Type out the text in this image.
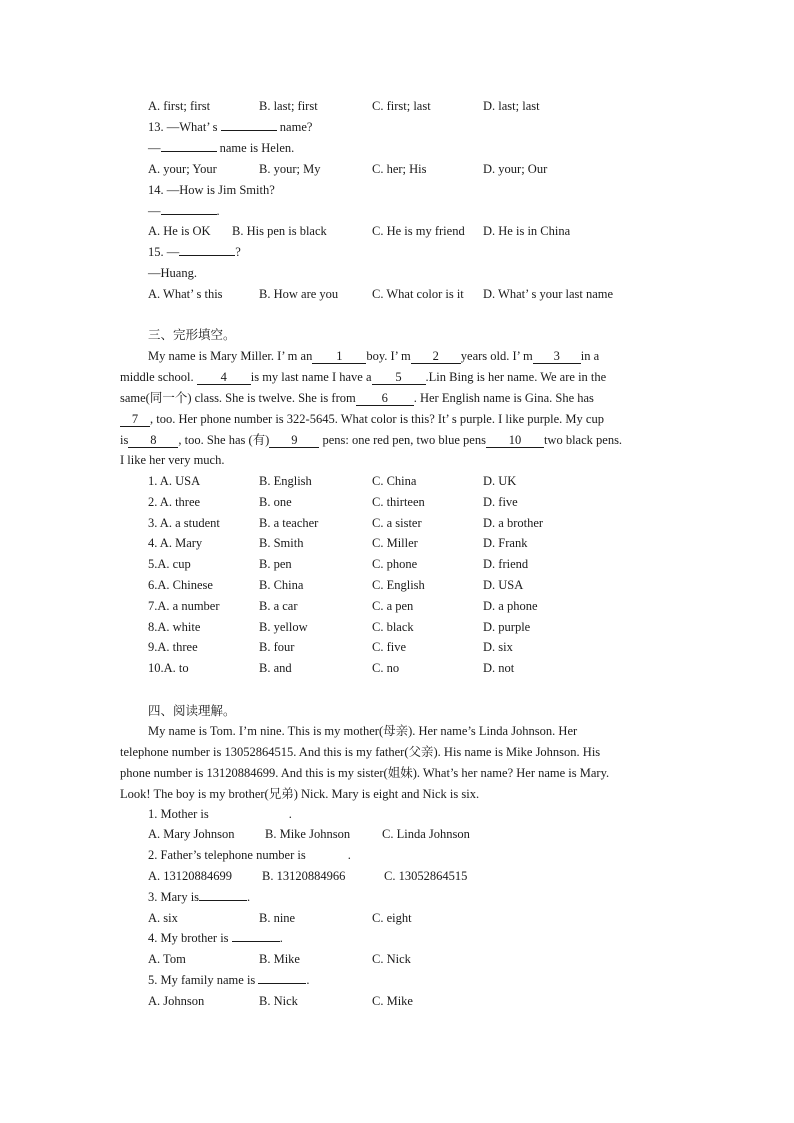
A. first; first	B. last; first	C. first; last	D. last; last
13. —What’ s	name?
—	name is Helen.
A. your; Your	B. your; My	C. her; His	D. your; Our
14. —How is Jim Smith?
—	.
A. He is OK B. His pen is black	C. He is my friend D. He is in China
15. —	?
—Huang.
A. What’ s this	B. How are you	C. What color is it D. What’ s your last name
三、完形填空。
My name is Mary Miller. I’ m an 1 boy. I’ m 2 years old. I’ m 3 in a
middle school. 4 is my last name I have a 5 .Lin Bing is her name. We are in the
same(同一个) class. She is twelve. She is from 6 . Her English name is Gina. She has
7 , too. Her phone number is 322-5645. What color is this? It’ s purple. I like purple. My cup
is 8 , too. She has (有) 9 pens: one red pen, two blue pens 10 two black pens.
I like her very much.
1. A. USA	B. English	C. China	D. UK
2. A. three	B. one	C. thirteen	D. five
3. A. a student	B. a teacher	C. a sister	D. a brother
4. A. Mary	B. Smith	C. Miller	D. Frank
5.A. cup	B. pen	C. phone	D. friend
6.A. Chinese	B. China	C. English	D. USA
7.A. a number	B. a car	C. a pen	D. a phone
8.A. white	B. yellow	C. black	D. purple
9.A. three	B. four	C. five	D. six
10.A. to	B. and	C. no	D. not
四、阅读理解。
My name is Tom. I’m nine. This is my mother(母亲). Her name’s Linda Johnson. Her
telephone number is 13052864515. And this is my father(父亲). His name is Mike Johnson. His
phone number is 13120884699. And this is my sister(姐妹). What’s her name? Her name is Mary.
Look! The boy is my brother(兄弟) Nick. Mary is eight and Nick is six.
1. Mother is	.
A. Mary Johnson B. Mike Johnson	C. Linda Johnson
2. Father’s telephone number is	.
A. 13120884699 B. 13120884966	C. 13052864515
3. Mary is	.
A. six	B. nine	C. eight
4. My brother is	.
A. Tom	B. Mike	C. Nick
5. My family name is	.
A. Johnson	B. Nick	C. Mike
